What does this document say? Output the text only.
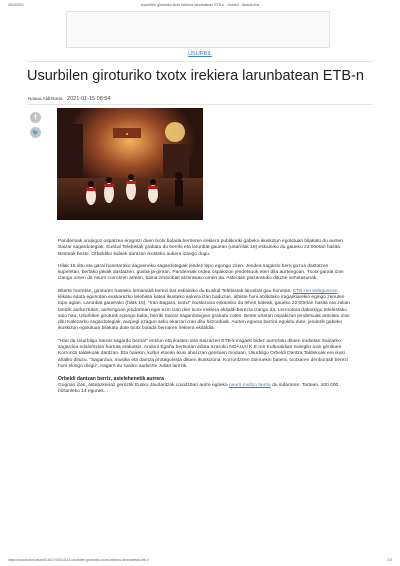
20/4/2021	Usurbilen giroturiko txotx irekiera larunbatean ETB-n - Usurbil - Noaua.eus
USURBIL
Usurbilen giroturiko txotx irekiera larunbatean ETB-n
Noaua Aldizkaria 2021-01-15 08:54
f
🐦	•

Pandemiak oraingoz ospatzea eragotzi duen txotx bolada berrieren irekiera publikoriki gabeko ikuskizun egokituan bilakatu du aurten Saizar sagardotegiak. Euskal Telebistak grabatu du berriki eta larunbat gauean (urtarrilak 16) eskainiko du gaueko 22:00etan hasita. Besteak beste, Orbeldiko kidaek dantzan ikusteko aukera izango dugu.

Hilak 15 ditu eta garai honetarako dagoeneko sagardotegiak jendez lepo egongo ziren. Jendea sagardo berri gozoa dastatzen kupeletan, bertako jakiak dastatzen, gustia ja-girean. Pandemiak ordea ospakizun jendetsuok eten ditu aurtengoan. Txotx garaia izan izango omen da neurri zorrotzen artean, baina zertxobait atzeratuko omen da. Asteotan plazaratuko dituzte xehetasunak.

Bitarte horretan, giroturen hasteko lemanaldi berezi bat eskainiko du Euskal Telebistak larunbat gau honetan. ETB-ren webgunean klikatu edota egunotan euskarazko telebista katea ikusteko aukera izan baduzue, albiste honi atxikitako iragarkiarekin egingo zenuten topo agian. Larunbat gauerako (hilak 16), "Iran Bagara, txotx!" ikuskizuna eskainiko du leheri kateak, gaueko 22:00etan hasita eta Julian lantzik aurkeztutan; aurtengoan jendartean egin ezin izan den txotx irekiera ekitaldi berezia izango da. Lerrootara dakarkigu telebistako saio hau, Usurbilen giroturik egongo baita; berriki Saizar sagardotegian grabatu zuten. Beste urtetan ospakizun jendetsuak antolatu izan ditu Kalezarko sagardotegiak, aurpegi ezagun asko ekarrari izan ditu hitzorduak. Aurten egoera berrira egokitu dute; jenderik gabeko ikuskizun egokituan bilakatu dute txotx bolada berriaren irekiera ekitaldia.

"Hau da Usurbilgo Saizar sagardo berria!" entzun eta ikusten dira Saizarren ETB-k iragarki bidez aurreratu dituen irudietan Saizarko sagardoa edalontzian hartuta erakutsiz, Andoni Egaña bertsotan edota azaroko NOAUAI K.E.ren Kulturaldian Sutegiin izan genituen Korrontzi taldekoak dantzan. Eta haiekin, kultur etxean ikusi ahal izan genituen moduan, Usurbilgo Orbeldi Dantza Taldekoak ere ikusi ahalko dituzu. "Sagardoa, musika eta dantza protagonista dituen ikuskizuna. Korrontziren doinuekin batera, txotxaren denboraldi berezi honi ekingo diogu", iragarri du saioko aurkezle Julian lantzik.

Orbeldi dantzan berriz, astelehenetik aurrera

Gogoan izan, asteazkenaz geroztik Eusko Jaurlaritzak covid19ari aurre egiteko neurri multzo berria du indarrean. Tartean, 100.000 biztanleko 14 egunek...

https://noaua.eus/usurbil/1610700014141-usurbilen-giroturiko-txotx-irekiera-larunbatean-etb-n	1/3
